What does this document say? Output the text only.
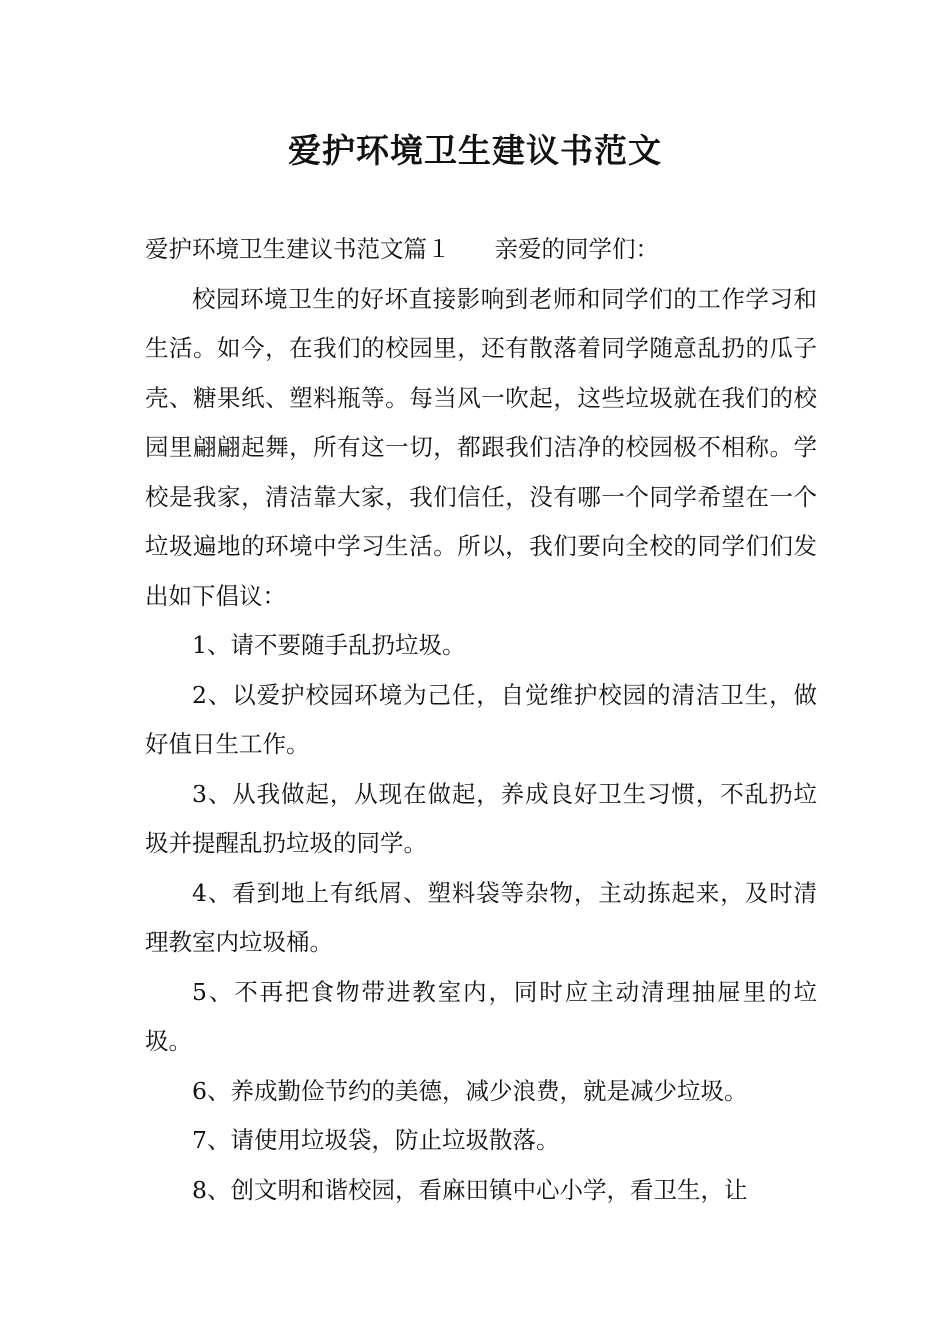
爱护环境卫生建议书范文

爱护环境卫生建议书范文篇１ 亲爱的同学们：

校园环境卫生的好坏直接影响到老师和同学们的工作学习和生活。如今，在我们的校园里，还有散落着同学随意乱扔的瓜子壳、糖果纸、塑料瓶等。每当风一吹起，这些垃圾就在我们的校园里翩翩起舞，所有这一切，都跟我们洁净的校园极不相称。学校是我家，清洁靠大家，我们信任，没有哪一个同学希望在一个垃圾遍地的环境中学习生活。所以，我们要向全校的同学们们发出如下倡议：

1、请不要随手乱扔垃圾。

2、以爱护校园环境为己任，自觉维护校园的清洁卫生，做好值日生工作。

3、从我做起，从现在做起，养成良好卫生习惯，不乱扔垃圾并提醒乱扔垃圾的同学。

4、看到地上有纸屑、塑料袋等杂物，主动拣起来，及时清理教室内垃圾桶。

5、不再把食物带进教室内，同时应主动清理抽屉里的垃圾。

6、养成勤俭节约的美德，减少浪费，就是减少垃圾。

7、请使用垃圾袋，防止垃圾散落。

8、创文明和谐校园，看麻田镇中心小学，看卫生，让
